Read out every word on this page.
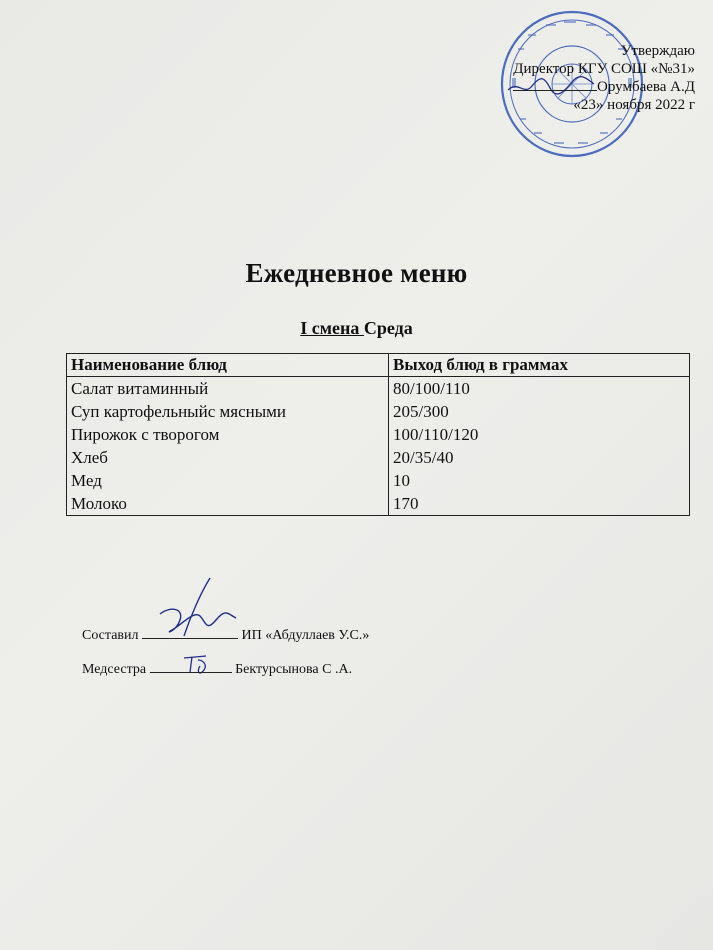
Утверждаю
Директор КГУ СОШ «№31»
Орумбаева А.Д
«23» ноября 2022 г
Ежедневное меню
I смена Среда
Наименование блюд	Выход блюд в граммах
Салат витаминный	80/100/110
Суп картофельныйс мясными	205/300
Пирожок с творогом	100/110/120
Хлеб	20/35/40
Мед	10
Молоко	170
Составил	ИП «Абдуллаев У.С.»
Медсестра	Бектурсынова С .А.
